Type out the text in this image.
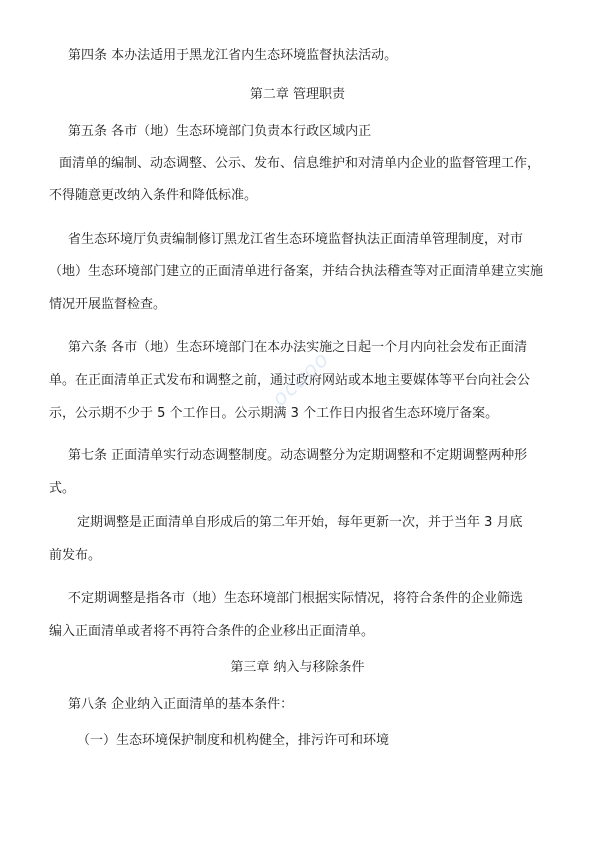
第四条 本办法适用于黑龙江省内生态环境监督执法活动。
第二章 管理职责
第五条 各市（地）生态环境部门负责本行政区域内正
面清单的编制、动态调整、公示、发布、信息维护和对清单内企业的监督管理工作，
不得随意更改纳入条件和降低标准。
省生态环境厅负责编制修订黑龙江省生态环境监督执法正面清单管理制度，对市
（地）生态环境部门建立的正面清单进行备案，并结合执法稽查等对正面清单建立实施
情况开展监督检查。
第六条 各市（地）生态环境部门在本办法实施之日起一个月内向社会发布正面清
单。在正面清单正式发布和调整之前，通过政府网站或本地主要媒体等平台向社会公
示，公示期不少于 5 个工作日。公示期满 3 个工作日内报省生态环境厅备案。
第七条 正面清单实行动态调整制度。动态调整分为定期调整和不定期调整两种形
式。
定期调整是正面清单自形成后的第二年开始，每年更新一次，并于当年 3 月底
前发布。
不定期调整是指各市（地）生态环境部门根据实际情况，将符合条件的企业筛选
编入正面清单或者将不再符合条件的企业移出正面清单。
第三章 纳入与移除条件
第八条 企业纳入正面清单的基本条件：
（一）生态环境保护制度和机构健全，排污许可和环境
ocuoo
